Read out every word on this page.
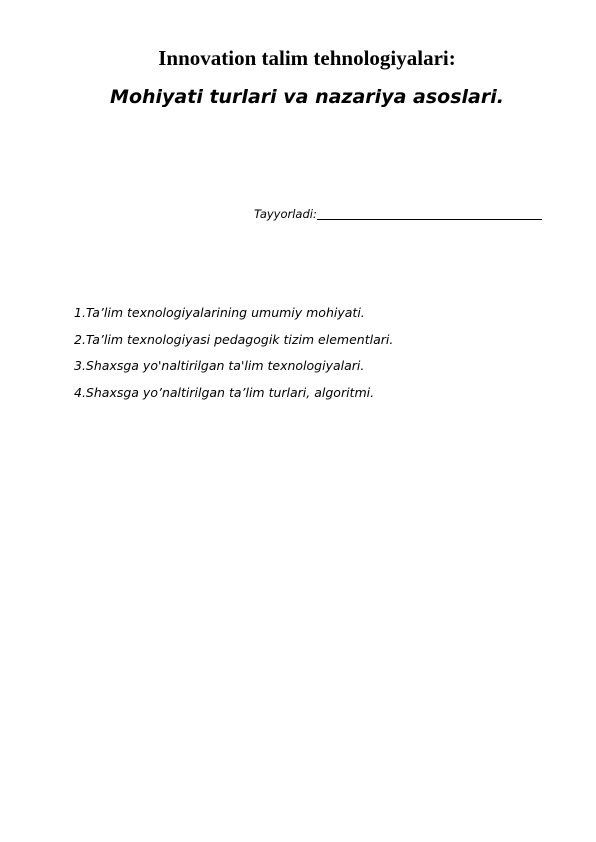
Innovation talim tehnologiyalari:
Mohiyati turlari va nazariya asoslari.
Tayyorladi:
1.Ta’lim texnologiyalarining umumiy mohiyati.
2.Ta’lim texnologiyasi pedagogik tizim elementlari.
3.Shaxsga yo'naltirilgan ta'lim texnologiyalari.
4.Shaxsga yo’naltirilgan ta’lim turlari, algoritmi.
